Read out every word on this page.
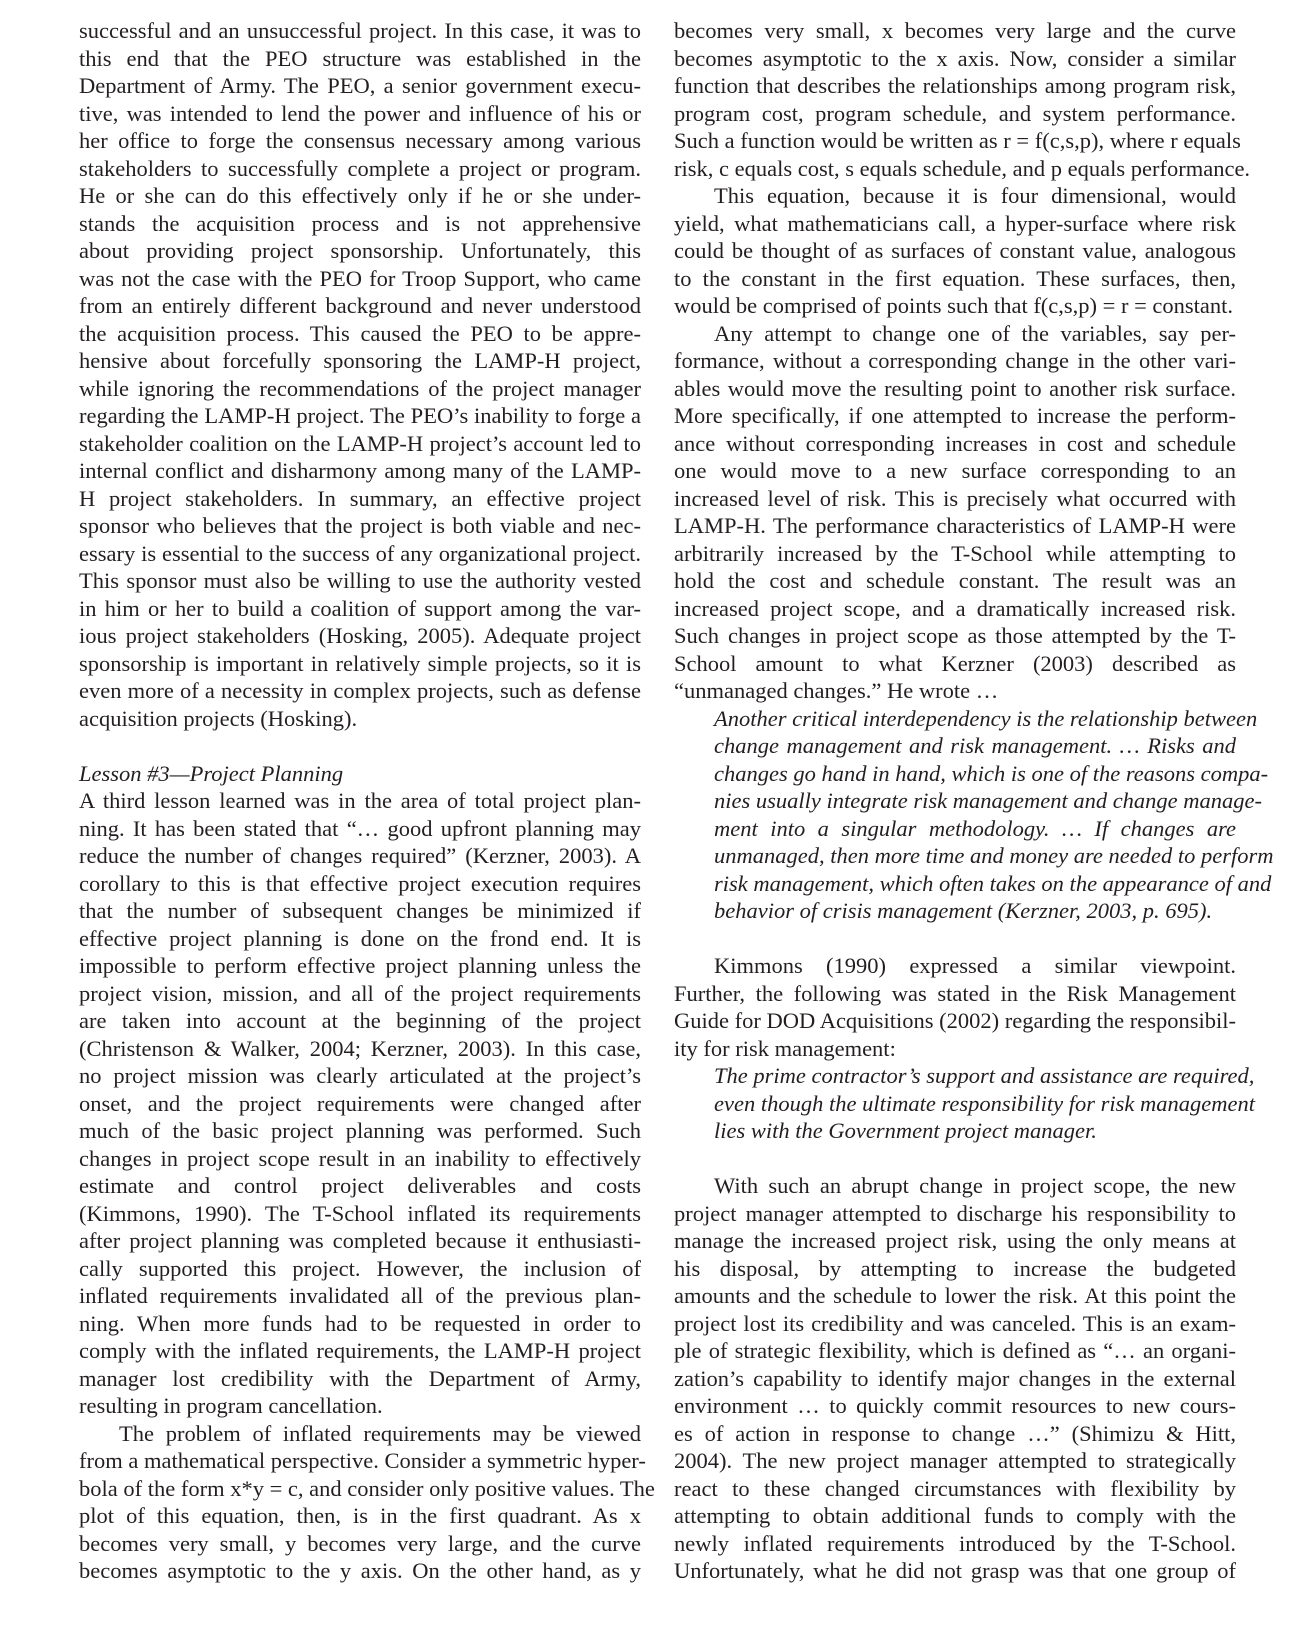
successful and an unsuccessful project. In this case, it was to
this end that the PEO structure was established in the
Department of Army. The PEO, a senior government execu-
tive, was intended to lend the power and influence of his or
her office to forge the consensus necessary among various
stakeholders to successfully complete a project or program.
He or she can do this effectively only if he or she under-
stands the acquisition process and is not apprehensive
about providing project sponsorship. Unfortunately, this
was not the case with the PEO for Troop Support, who came
from an entirely different background and never understood
the acquisition process. This caused the PEO to be appre-
hensive about forcefully sponsoring the LAMP-H project,
while ignoring the recommendations of the project manager
regarding the LAMP-H project. The PEO’s inability to forge a
stakeholder coalition on the LAMP-H project’s account led to
internal conflict and disharmony among many of the LAMP-
H project stakeholders. In summary, an effective project
sponsor who believes that the project is both viable and nec-
essary is essential to the success of any organizational project.
This sponsor must also be willing to use the authority vested
in him or her to build a coalition of support among the var-
ious project stakeholders (Hosking, 2005). Adequate project
sponsorship is important in relatively simple projects, so it is
even more of a necessity in complex projects, such as defense
acquisition projects (Hosking).
Lesson #3—Project Planning
A third lesson learned was in the area of total project plan-
ning. It has been stated that “… good upfront planning may
reduce the number of changes required” (Kerzner, 2003). A
corollary to this is that effective project execution requires
that the number of subsequent changes be minimized if
effective project planning is done on the frond end. It is
impossible to perform effective project planning unless the
project vision, mission, and all of the project requirements
are taken into account at the beginning of the project
(Christenson & Walker, 2004; Kerzner, 2003). In this case,
no project mission was clearly articulated at the project’s
onset, and the project requirements were changed after
much of the basic project planning was performed. Such
changes in project scope result in an inability to effectively
estimate and control project deliverables and costs
(Kimmons, 1990). The T-School inflated its requirements
after project planning was completed because it enthusiasti-
cally supported this project. However, the inclusion of
inflated requirements invalidated all of the previous plan-
ning. When more funds had to be requested in order to
comply with the inflated requirements, the LAMP-H project
manager lost credibility with the Department of Army,
resulting in program cancellation.
The problem of inflated requirements may be viewed
from a mathematical perspective. Consider a symmetric hyper-
bola of the form x*y = c, and consider only positive values. The
plot of this equation, then, is in the first quadrant. As x
becomes very small, y becomes very large, and the curve
becomes asymptotic to the y axis. On the other hand, as y
becomes very small, x becomes very large and the curve
becomes asymptotic to the x axis. Now, consider a similar
function that describes the relationships among program risk,
program cost, program schedule, and system performance.
Such a function would be written as r = f(c,s,p), where r equals
risk, c equals cost, s equals schedule, and p equals performance.
This equation, because it is four dimensional, would
yield, what mathematicians call, a hyper-surface where risk
could be thought of as surfaces of constant value, analogous
to the constant in the first equation. These surfaces, then,
would be comprised of points such that f(c,s,p) = r = constant.
Any attempt to change one of the variables, say per-
formance, without a corresponding change in the other vari-
ables would move the resulting point to another risk surface.
More specifically, if one attempted to increase the perform-
ance without corresponding increases in cost and schedule
one would move to a new surface corresponding to an
increased level of risk. This is precisely what occurred with
LAMP-H. The performance characteristics of LAMP-H were
arbitrarily increased by the T-School while attempting to
hold the cost and schedule constant. The result was an
increased project scope, and a dramatically increased risk.
Such changes in project scope as those attempted by the T-
School amount to what Kerzner (2003) described as
“unmanaged changes.” He wrote …
Another critical interdependency is the relationship between
change management and risk management. … Risks and
changes go hand in hand, which is one of the reasons compa-
nies usually integrate risk management and change manage-
ment into a singular methodology. … If changes are
unmanaged, then more time and money are needed to perform
risk management, which often takes on the appearance of and
behavior of crisis management (Kerzner, 2003, p. 695).
Kimmons (1990) expressed a similar viewpoint.
Further, the following was stated in the Risk Management
Guide for DOD Acquisitions (2002) regarding the responsibil-
ity for risk management:
The prime contractor’s support and assistance are required,
even though the ultimate responsibility for risk management
lies with the Government project manager.
With such an abrupt change in project scope, the new
project manager attempted to discharge his responsibility to
manage the increased project risk, using the only means at
his disposal, by attempting to increase the budgeted
amounts and the schedule to lower the risk. At this point the
project lost its credibility and was canceled. This is an exam-
ple of strategic flexibility, which is defined as “… an organi-
zation’s capability to identify major changes in the external
environment … to quickly commit resources to new cours-
es of action in response to change …” (Shimizu & Hitt,
2004). The new project manager attempted to strategically
react to these changed circumstances with flexibility by
attempting to obtain additional funds to comply with the
newly inflated requirements introduced by the T-School.
Unfortunately, what he did not grasp was that one group of
